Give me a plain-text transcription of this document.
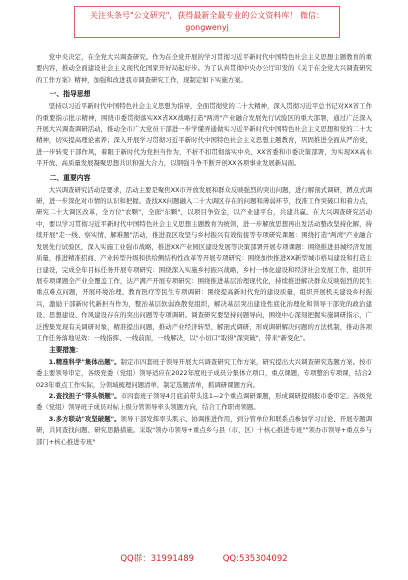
关注头条号"公文研究"，获得最新全最专业的公文资料库！ 微信：gongwenyj

党中央决定，在全党大兴调查研究。作为在全党开展的学习贯彻习近平新时代中国特色社会主义思想主题教育的重要内容，推动全面建设社会主义现代化国家开好局起好步。为了认真贯彻中央办公厅印发的《关于在全党大兴调查研究的工作方案》精神，加强和改进我市调查研究工作，现制定如下实施方案。

一、指导思想

坚持以习近平新时代中国特色社会主义思想为指导，全面贯彻党的二十大精神，深入贯彻习近平总书记对XX省工作的重要指示批示精神，围绕市委贯彻落实XX省XX战略打造"两湾"产业融合发展先行试验区的重大部署，通过广泛深入开展大兴调查调研活动，推动全市广大党员干部进一步学懂弄通做实习近平新时代中国特色社会主义思想和党的二十大精神，切实提高理论素养；深入开展学习贯彻习近平新时代中国特色社会主义思想主题教育，巩固推进全面从严治党，进一步转变干部作风，着眼于新时代为党担当作为，不折不扣贯彻落实中央、XX省委和市委决策部署，为实现XX高水平开放、高质量发展凝聚思想共识和强大合力，以钢强斗争不断开创XX各项事业发展新局面。

二、重要内容

大兴调查研究活动是要求，活动主要是聚焦XX市开放发展和群众反映强烈的突出问题，进行解剖式调研，蹲点式调研，进一步深化对市情的认识和把握。查找XX问题融入二十大调区存在的问题和薄弱环节，找准工作突破口和着力点，研究二十大调区改革，全方位"农颗"，全面"东颗"，以项目争资金，以产业建平台，共建共赢。在大兴调查研究活动中，要以学习贯彻习近平新时代中国特色社会主义思想主题教育为统领，进一步解放思想再出发活动整改坚持化解，持续开展"走一线、察实情、解难题"活动，推进我区攻坚与乡村振兴有效衔接等专项研究课题：围绕打造"两湾"产业融合发展先行试验区，深入实施工业强市战略，推进XX产业园区建设发展等决策部署开展专项课题：围绕推进县城经济发展质量，推进精准招商、产业转型升级和供给侧结构性改革等开展专项研究：围绕加快推进XX新型城市格局建设和打造主日建设，完成全年目标任务开展专项研究：围绕深入实施乡村振兴战略，乡村一体化建设和经济社会发展工作，组织开展专项课题全产业全覆盖工作，达产满产开展专项研究：围绕推进基层治理现代化，持续推进解决群众反映强烈的民生重点难点问题，开展环境治理、教育医疗等民生专项调研：围绕提高新时代党的建设质量，组织开展机关建设乡村振兴，激励干部新时代新担当作为，整治基层软弱涣散党组织，解决基层突出建设性底化治理化和领导干部党的政治建设、思想建设、作风建设存在的突出问题等专项调研。调查研究要坚持问题导向，围绕中心深刻把握实施调研指示，广泛搜集发现有关调研对象，精准提出问题，推动产业经济转型、解剖式调研，形成调研解决问题的方法机制，推动各项工作任务落地见效：一线指挥、一线前面，一线解决，以"小切口"取得"深突破"，带来"新变化"。

主要措施：

1.精准科学"集体出题"。制定市四套班子领导开展大兴调查研究工作方案，研究提出大兴调查研究选题方案。按市委主要领导审定，各级党委（党组）领导适应在2022年度班子成员分集体立项口，重点课题，专项整治专项课，结合2023年重点工作实际，分领域梳理问题清单，制定选题清单，抓调研课题方向。

2.查找担子"带头领题"。市四套班子领导4月底前带头选1—2个重点调研课题，形成调研提纲报市委审定。各级党委（党组）领导班子成员对标上级分管领导牵头领题方向，结合工作职责领题。

3.多方联动"攻坚破题"。领导干部发挥率头肌示、协调推进作用，到分管单位和联系点参加学习讨论、开展专题调研，共同查找问题、研究思路措施。采取"领办市领导+重点乡与县（市、区）十核心推进专班""领办市领导+重点乡与部门+核心推进专班"

QQ群：31991489	QQ:535304092
